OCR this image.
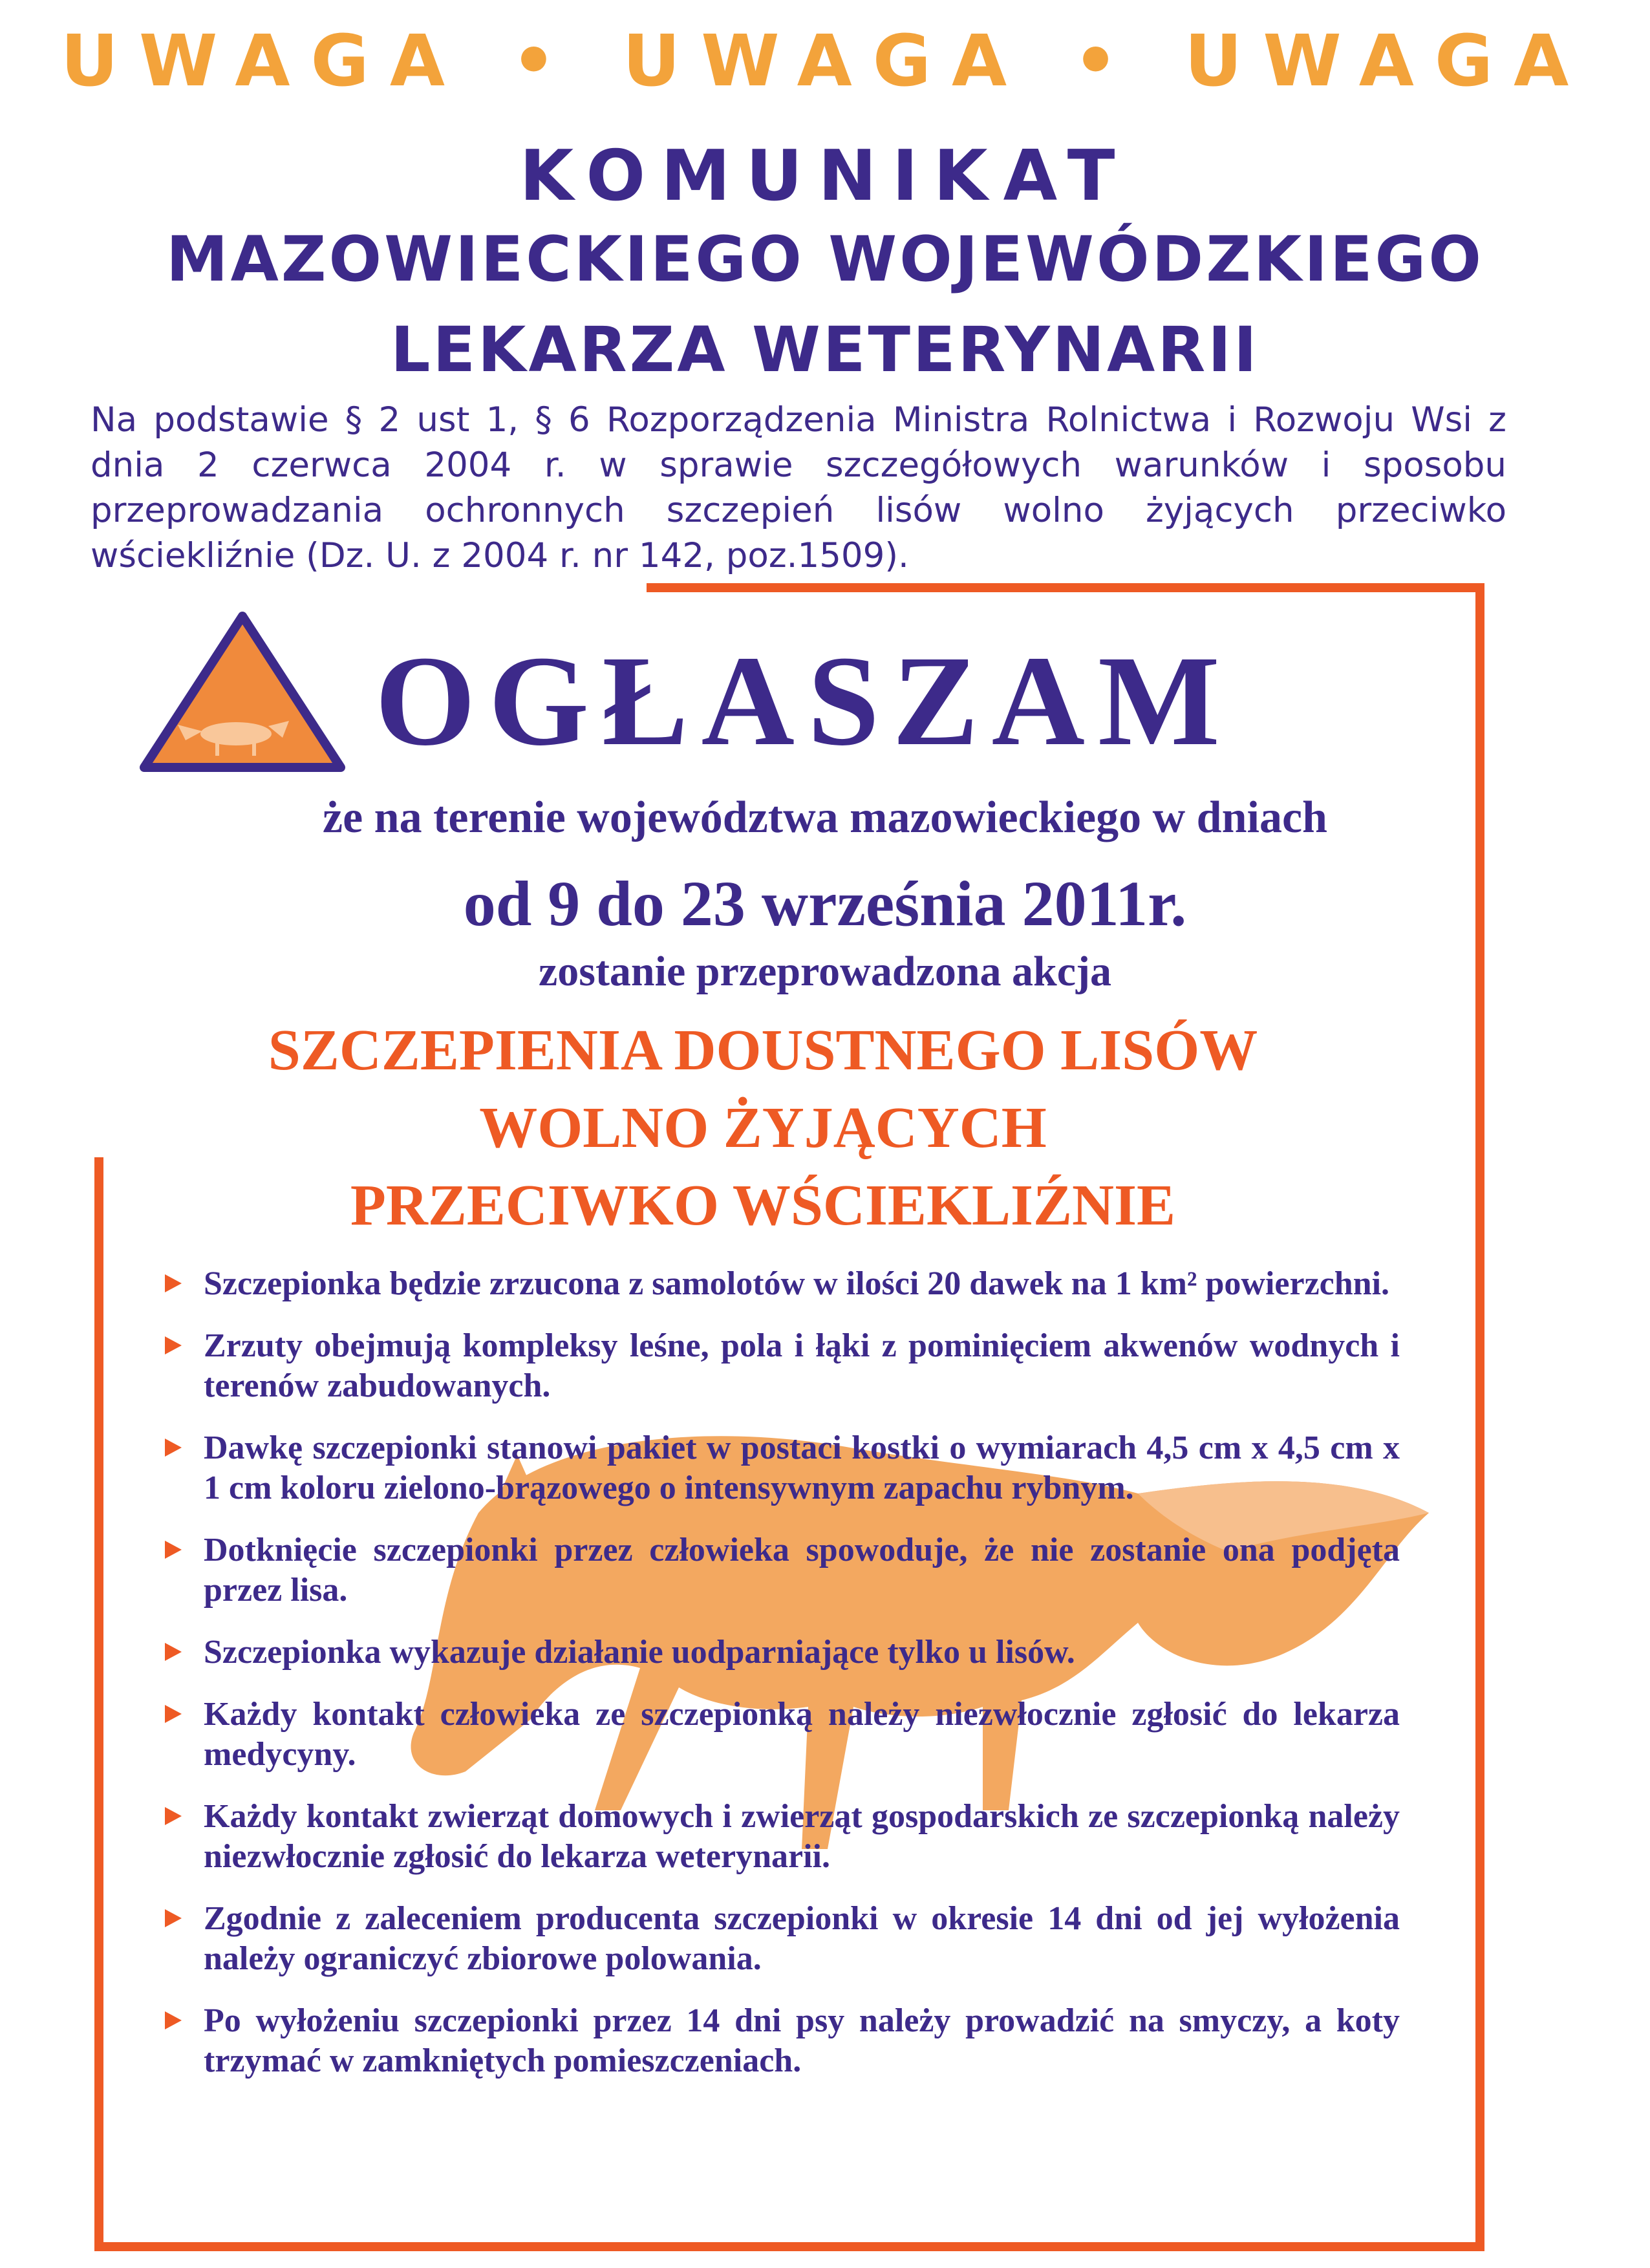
UWAGA • UWAGA • UWAGA
KOMUNIKAT
MAZOWIECKIEGO WOJEWÓDZKIEGO
LEKARZA WETERYNARII
Na podstawie § 2 ust 1, § 6 Rozporządzenia Ministra Rolnictwa i Rozwoju Wsi z dnia 2 czerwca 2004 r. w sprawie szczegółowych warunków i sposobu przeprowadzania ochronnych szczepień lisów wolno żyjących przeciwko wściekliźnie (Dz. U. z 2004 r. nr 142, poz.1509).
OGŁASZAM
że na terenie województwa mazowieckiego w dniach
od 9 do 23 września 2011r.
zostanie przeprowadzona akcja
SZCZEPIENIA DOUSTNEGO LISÓW
WOLNO ŻYJĄCYCH
PRZECIWKO WŚCIEKLIŹNIE
Szczepionka będzie zrzucona z samolotów w ilości 20 dawek na 1 km² powierzchni.
Zrzuty obejmują kompleksy leśne, pola i łąki z pominięciem akwenów wodnych i terenów zabudowanych.
Dawkę szczepionki stanowi pakiet w postaci kostki o wymiarach 4,5 cm x 4,5 cm x 1 cm koloru zielono-brązowego o intensywnym zapachu rybnym.
Dotknięcie szczepionki przez człowieka spowoduje, że nie zostanie ona podjęta przez lisa.
Szczepionka wykazuje działanie uodparniające tylko u lisów.
Każdy kontakt człowieka ze szczepionką należy niezwłocznie zgłosić do lekarza medycyny.
Każdy kontakt zwierząt domowych i zwierząt gospodarskich ze szczepionką należy niezwłocznie zgłosić do lekarza weterynarii.
Zgodnie z zaleceniem producenta szczepionki w okresie 14 dni od jej wyłożenia należy ograniczyć zbiorowe polowania.
Po wyłożeniu szczepionki przez 14 dni psy należy prowadzić na smyczy, a koty trzymać w zamkniętych pomieszczeniach.
